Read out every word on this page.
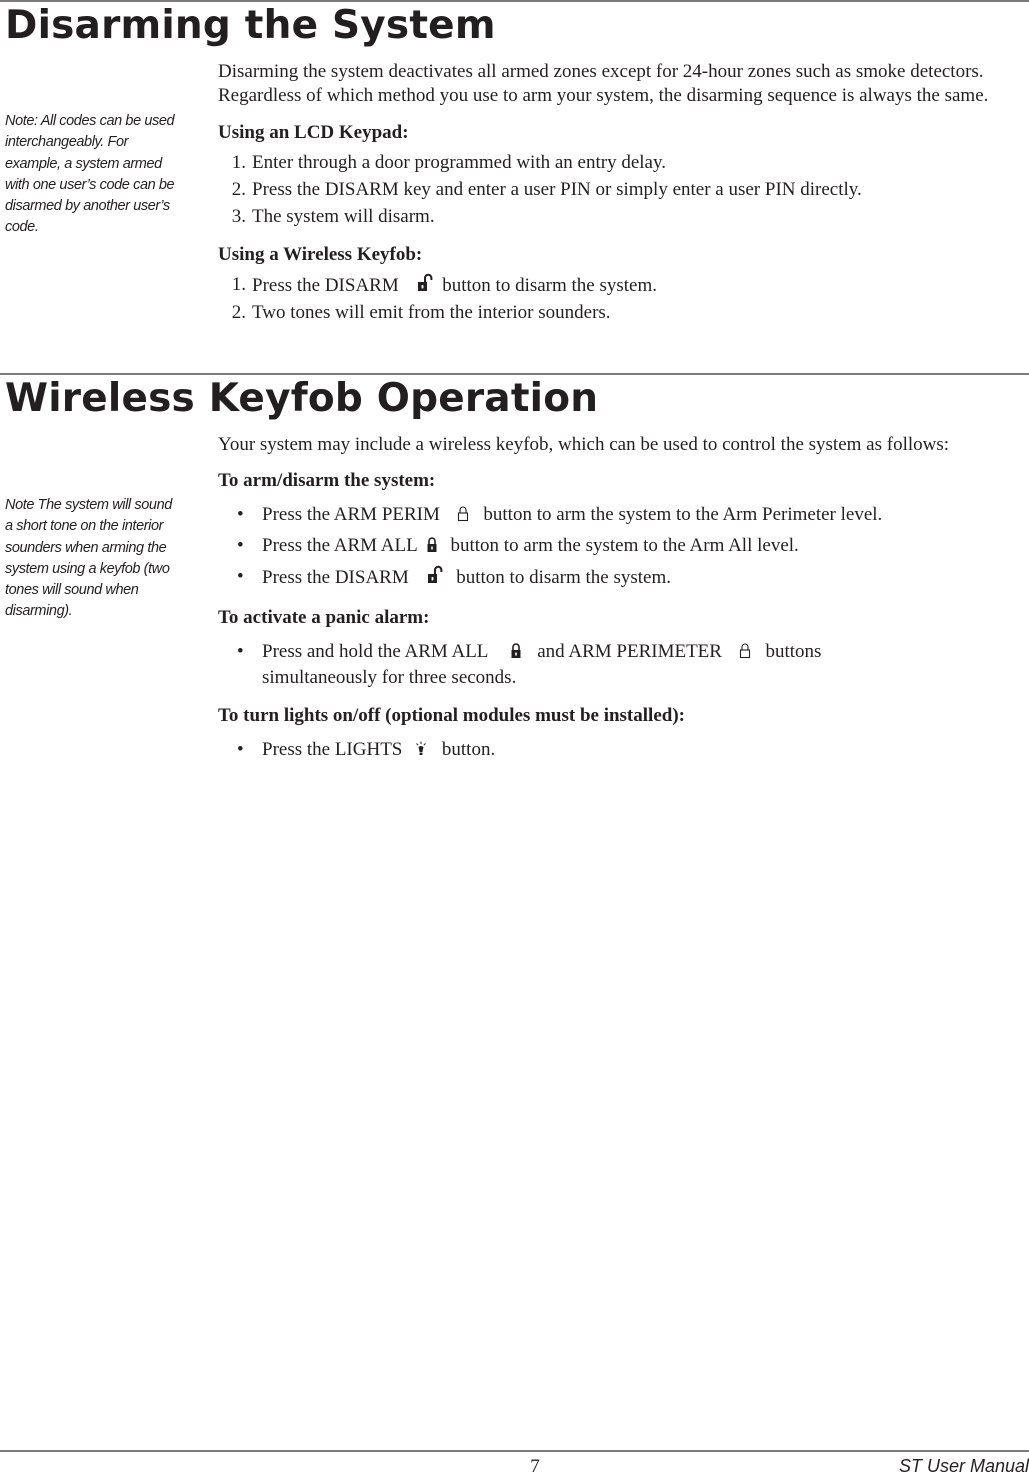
Disarming the System

Note: All codes can be used interchangeably. For example, a system armed with one user’s code can be disarmed by another user’s code.

Disarming the system deactivates all armed zones except for 24-hour zones such as smoke detectors. Regardless of which method you use to arm your system, the disarming sequence is always the same.

Using an LCD Keypad:

1. Enter through a door programmed with an entry delay.
2. Press the DISARM key and enter a user PIN or simply enter a user PIN directly.
3. The system will disarm.

Using a Wireless Keyfob:

1. Press the DISARM button to disarm the system.
2. Two tones will emit from the interior sounders.
Wireless Keyfob Operation

Note The system will sound a short tone on the interior sounders when arming the system using a keyfob (two tones will sound when disarming).

Your system may include a wireless keyfob, which can be used to control the system as follows:

To arm/disarm the system:

• Press the ARM PERIM button to arm the system to the Arm Perimeter level.
• Press the ARM ALL button to arm the system to the Arm All level.
• Press the DISARM	button to disarm the system.

To activate a panic alarm:

• Press and hold the ARM ALL	and ARM PERIMETER buttons
simultaneously for three seconds.

To turn lights on/off (optional modules must be installed):

• Press the LIGHTS button.
7	ST User Manual
